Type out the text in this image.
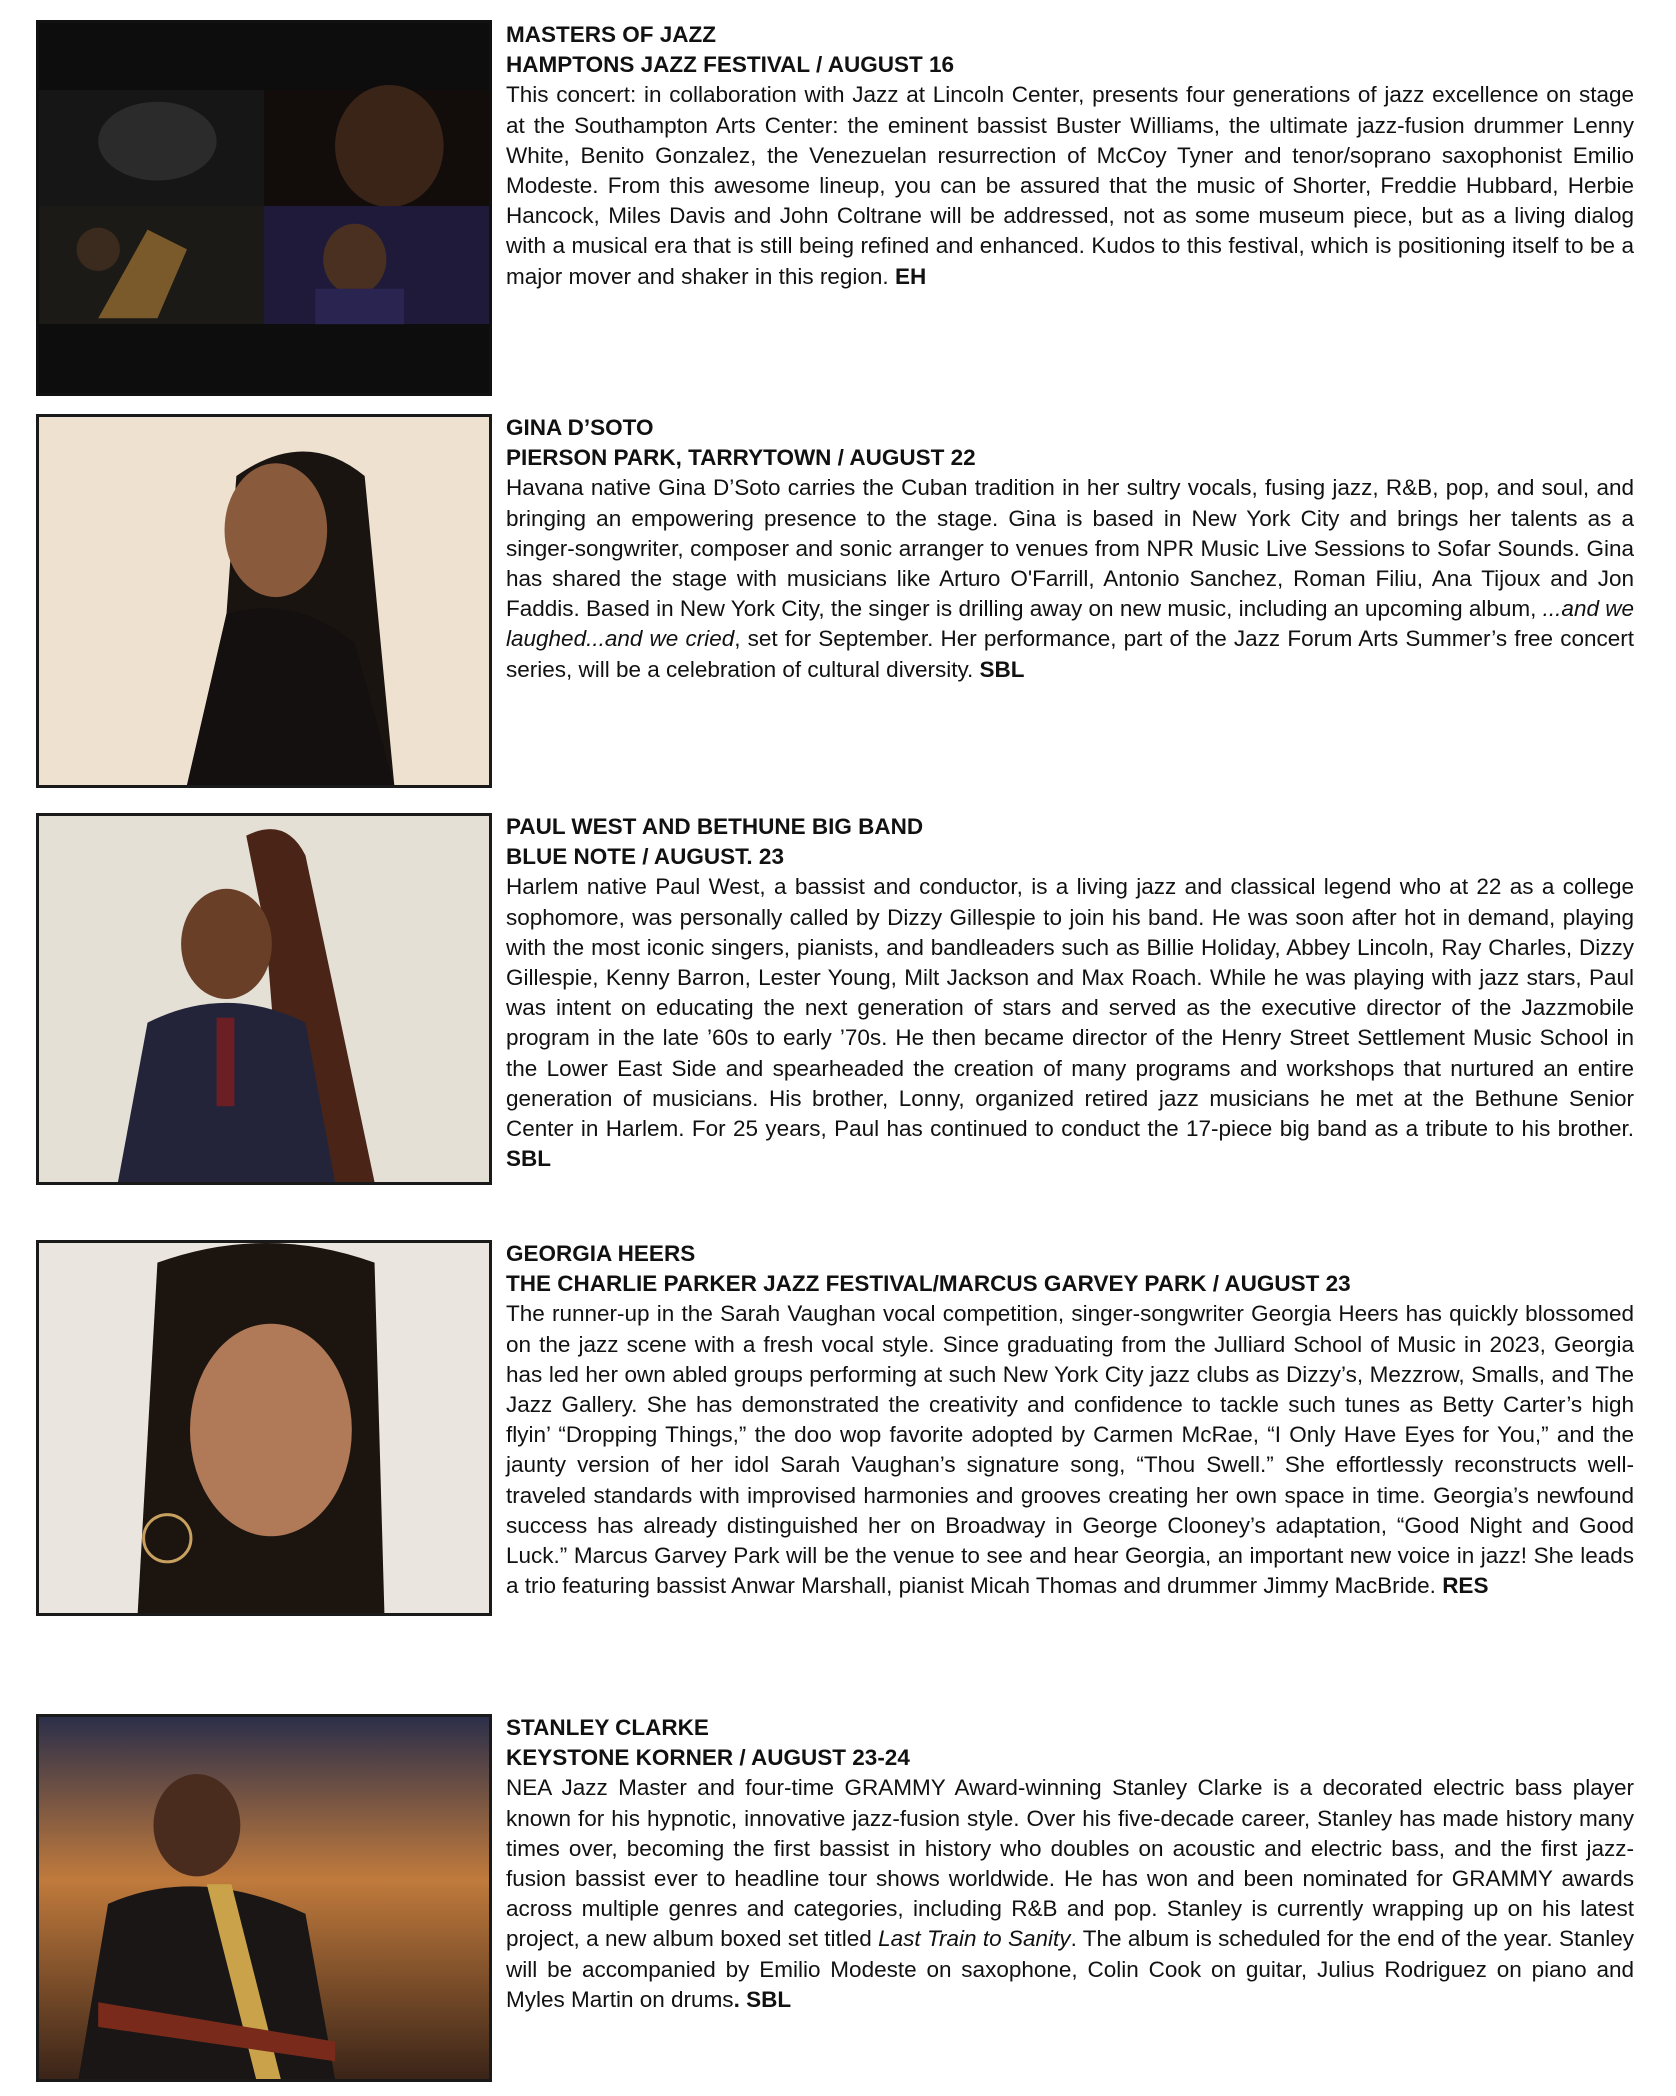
MASTERS OF JAZZ
HAMPTONS JAZZ FESTIVAL / AUGUST 16
This concert: in collaboration with Jazz at Lincoln Center, presents four generations of jazz excellence on stage at the Southampton Arts Center: the eminent bassist Buster Williams, the ultimate jazz-fusion drummer Lenny White, Benito Gonzalez, the Venezuelan resurrection of McCoy Tyner and tenor/soprano saxophonist Emilio Modeste. From this awesome lineup, you can be assured that the music of Shorter, Freddie Hubbard, Herbie Hancock, Miles Davis and John Coltrane will be addressed, not as some museum piece, but as a living dialog with a musical era that is still being refined and enhanced. Kudos to this festival, which is positioning itself to be a major mover and shaker in this region. EH
GINA D’SOTO
PIERSON PARK, TARRYTOWN / AUGUST 22
Havana native Gina D’Soto carries the Cuban tradition in her sultry vocals, fusing jazz, R&B, pop, and soul, and bringing an empowering presence to the stage. Gina is based in New York City and brings her talents as a singer-songwriter, composer and sonic arranger to venues from NPR Music Live Sessions to Sofar Sounds. Gina has shared the stage with musicians like Arturo O'Farrill, Antonio Sanchez, Roman Filiu, Ana Tijoux and Jon Faddis. Based in New York City, the singer is drilling away on new music, including an upcoming album, ...and we laughed...and we cried, set for September. Her performance, part of the Jazz Forum Arts Summer’s free concert series, will be a celebration of cultural diversity. SBL
PAUL WEST AND BETHUNE BIG BAND
BLUE NOTE / AUGUST. 23
Harlem native Paul West, a bassist and conductor, is a living jazz and classical legend who at 22 as a college sophomore, was personally called by Dizzy Gillespie to join his band. He was soon after hot in demand, playing with the most iconic singers, pianists, and bandleaders such as Billie Holiday, Abbey Lincoln, Ray Charles, Dizzy Gillespie, Kenny Barron, Lester Young, Milt Jackson and Max Roach. While he was playing with jazz stars, Paul was intent on educating the next generation of stars and served as the executive director of the Jazzmobile program in the late ’60s to early ’70s. He then became director of the Henry Street Settlement Music School in the Lower East Side and spearheaded the creation of many programs and workshops that nurtured an entire generation of musicians. His brother, Lonny, organized retired jazz musicians he met at the Bethune Senior Center in Harlem. For 25 years, Paul has continued to conduct the 17-piece big band as a tribute to his brother. SBL
GEORGIA HEERS
THE CHARLIE PARKER JAZZ FESTIVAL/MARCUS GARVEY PARK / AUGUST 23
The runner-up in the Sarah Vaughan vocal competition, singer-songwriter Georgia Heers has quickly blossomed on the jazz scene with a fresh vocal style. Since graduating from the Julliard School of Music in 2023, Georgia has led her own abled groups performing at such New York City jazz clubs as Dizzy’s, Mezzrow, Smalls, and The Jazz Gallery. She has demonstrated the creativity and confidence to tackle such tunes as Betty Carter’s high flyin’ “Dropping Things,” the doo wop favorite adopted by Carmen McRae, “I Only Have Eyes for You,” and the jaunty version of her idol Sarah Vaughan’s signature song, “Thou Swell.” She effortlessly reconstructs well- traveled standards with improvised harmonies and grooves creating her own space in time. Georgia’s newfound success has already distinguished her on Broadway in George Clooney’s adaptation, “Good Night and Good Luck.” Marcus Garvey Park will be the venue to see and hear Georgia, an important new voice in jazz! She leads a trio featuring bassist Anwar Marshall, pianist Micah Thomas and drummer Jimmy MacBride. RES
STANLEY CLARKE
KEYSTONE KORNER / AUGUST 23-24
NEA Jazz Master and four-time GRAMMY Award-winning Stanley Clarke is a decorated electric bass player known for his hypnotic, innovative jazz-fusion style. Over his five-decade career, Stanley has made history many times over, becoming the first bassist in history who doubles on acoustic and electric bass, and the first jazz-fusion bassist ever to headline tour shows worldwide. He has won and been nominated for GRAMMY awards across multiple genres and categories, including R&B and pop. Stanley is currently wrapping up on his latest project, a new album boxed set titled Last Train to Sanity. The album is scheduled for the end of the year. Stanley will be accompanied by Emilio Modeste on saxophone, Colin Cook on guitar, Julius Rodriguez on piano and Myles Martin on drums. SBL
